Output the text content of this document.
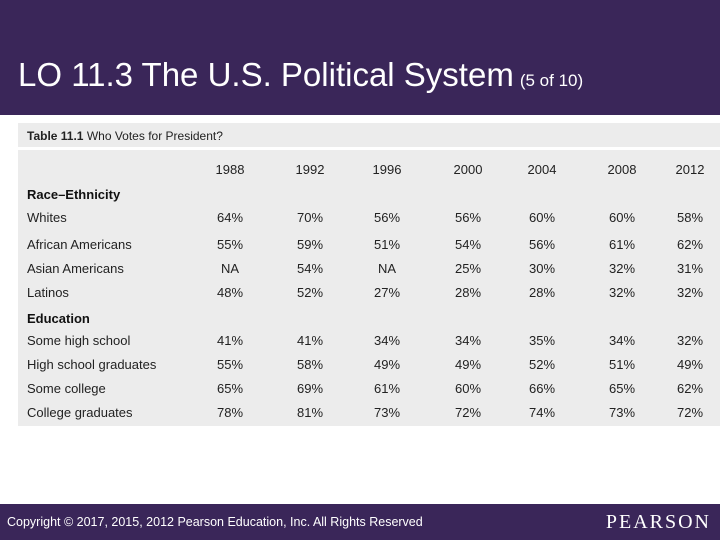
LO 11.3 The U.S. Political System (5 of 10)
Table 11.1 Who Votes for President?
1988	1992	1996	2000	2004	2008	2012
Race–Ethnicity
Whites	64%	70%	56%	56%	60%	60%	58%
African Americans	55%	59%	51%	54%	56%	61%	62%
Asian Americans	NA	54%	NA	25%	30%	32%	31%
Latinos	48%	52%	27%	28%	28%	32%	32%
Education
Some high school	41%	41%	34%	34%	35%	34%	32%
High school graduates	55%	58%	49%	49%	52%	51%	49%
Some college	65%	69%	61%	60%	66%	65%	62%
College graduates	78%	81%	73%	72%	74%	73%	72%
Copyright © 2017, 2015, 2012 Pearson Education, Inc. All Rights Reserved	PEARSON
